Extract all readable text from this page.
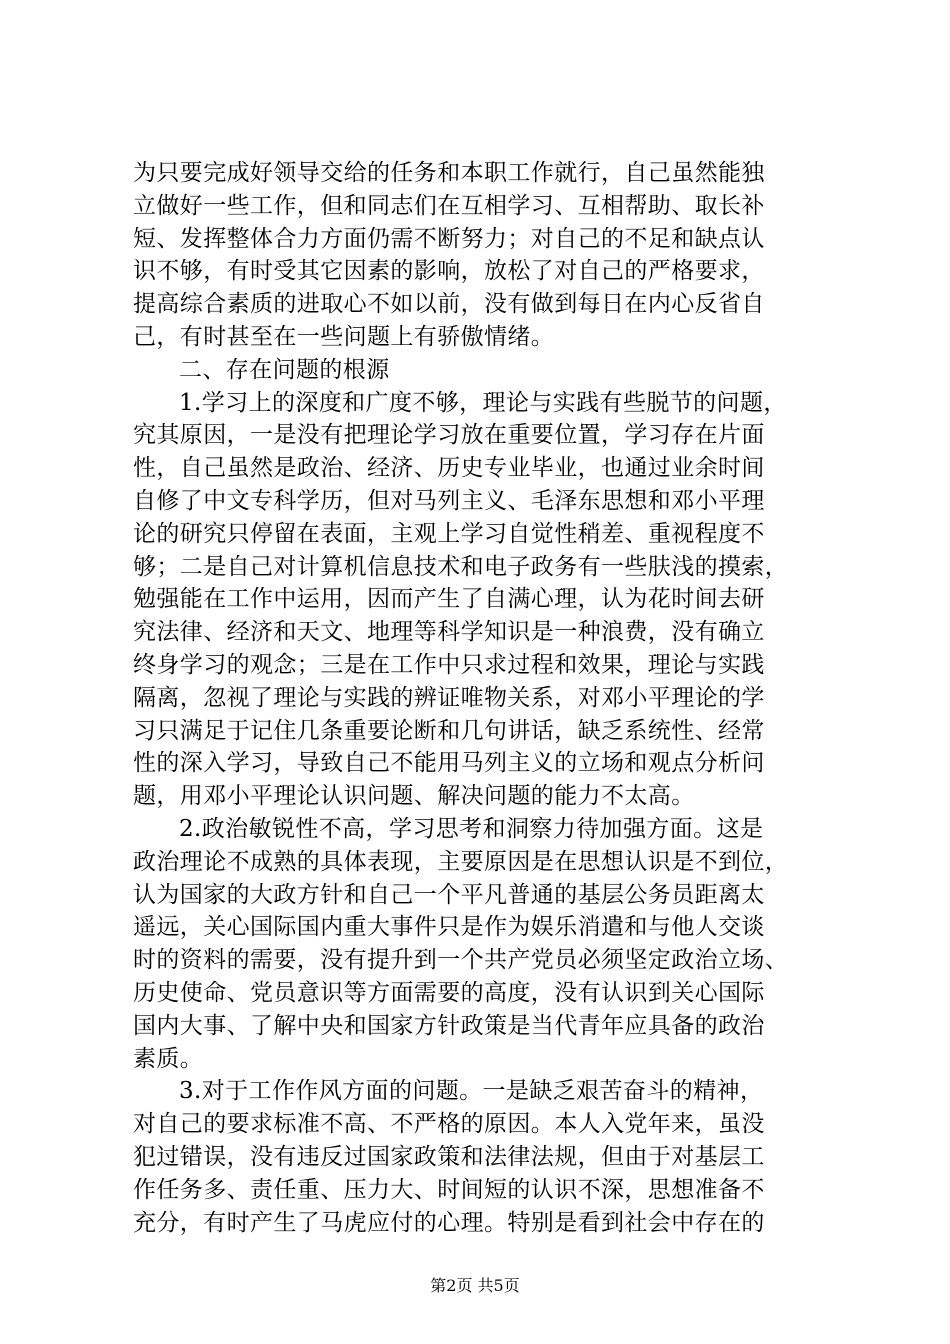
为只要完成好领导交给的任务和本职工作就行，自己虽然能独
立做好一些工作，但和同志们在互相学习、互相帮助、取长补
短、发挥整体合力方面仍需不断努力；对自己的不足和缺点认
识不够，有时受其它因素的影响，放松了对自己的严格要求，
提高综合素质的进取心不如以前，没有做到每日在内心反省自
己，有时甚至在一些问题上有骄傲情绪。
二、存在问题的根源
1.学习上的深度和广度不够，理论与实践有些脱节的问题，
究其原因，一是没有把理论学习放在重要位置，学习存在片面
性，自己虽然是政治、经济、历史专业毕业，也通过业余时间
自修了中文专科学历，但对马列主义、毛泽东思想和邓小平理
论的研究只停留在表面，主观上学习自觉性稍差、重视程度不
够；二是自己对计算机信息技术和电子政务有一些肤浅的摸索，
勉强能在工作中运用，因而产生了自满心理，认为花时间去研
究法律、经济和天文、地理等科学知识是一种浪费，没有确立
终身学习的观念；三是在工作中只求过程和效果，理论与实践
隔离，忽视了理论与实践的辨证唯物关系，对邓小平理论的学
习只满足于记住几条重要论断和几句讲话，缺乏系统性、经常
性的深入学习，导致自己不能用马列主义的立场和观点分析问
题，用邓小平理论认识问题、解决问题的能力不太高。
2.政治敏锐性不高，学习思考和洞察力待加强方面。这是
政治理论不成熟的具体表现，主要原因是在思想认识是不到位，
认为国家的大政方针和自己一个平凡普通的基层公务员距离太
遥远，关心国际国内重大事件只是作为娱乐消遣和与他人交谈
时的资料的需要，没有提升到一个共产党员必须坚定政治立场、
历史使命、党员意识等方面需要的高度，没有认识到关心国际
国内大事、了解中央和国家方针政策是当代青年应具备的政治
素质。
3.对于工作作风方面的问题。一是缺乏艰苦奋斗的精神，
对自己的要求标准不高、不严格的原因。本人入党年来，虽没
犯过错误，没有违反过国家政策和法律法规，但由于对基层工
作任务多、责任重、压力大、时间短的认识不深，思想准备不
充分，有时产生了马虎应付的心理。特别是看到社会中存在的
第2页 共5页
